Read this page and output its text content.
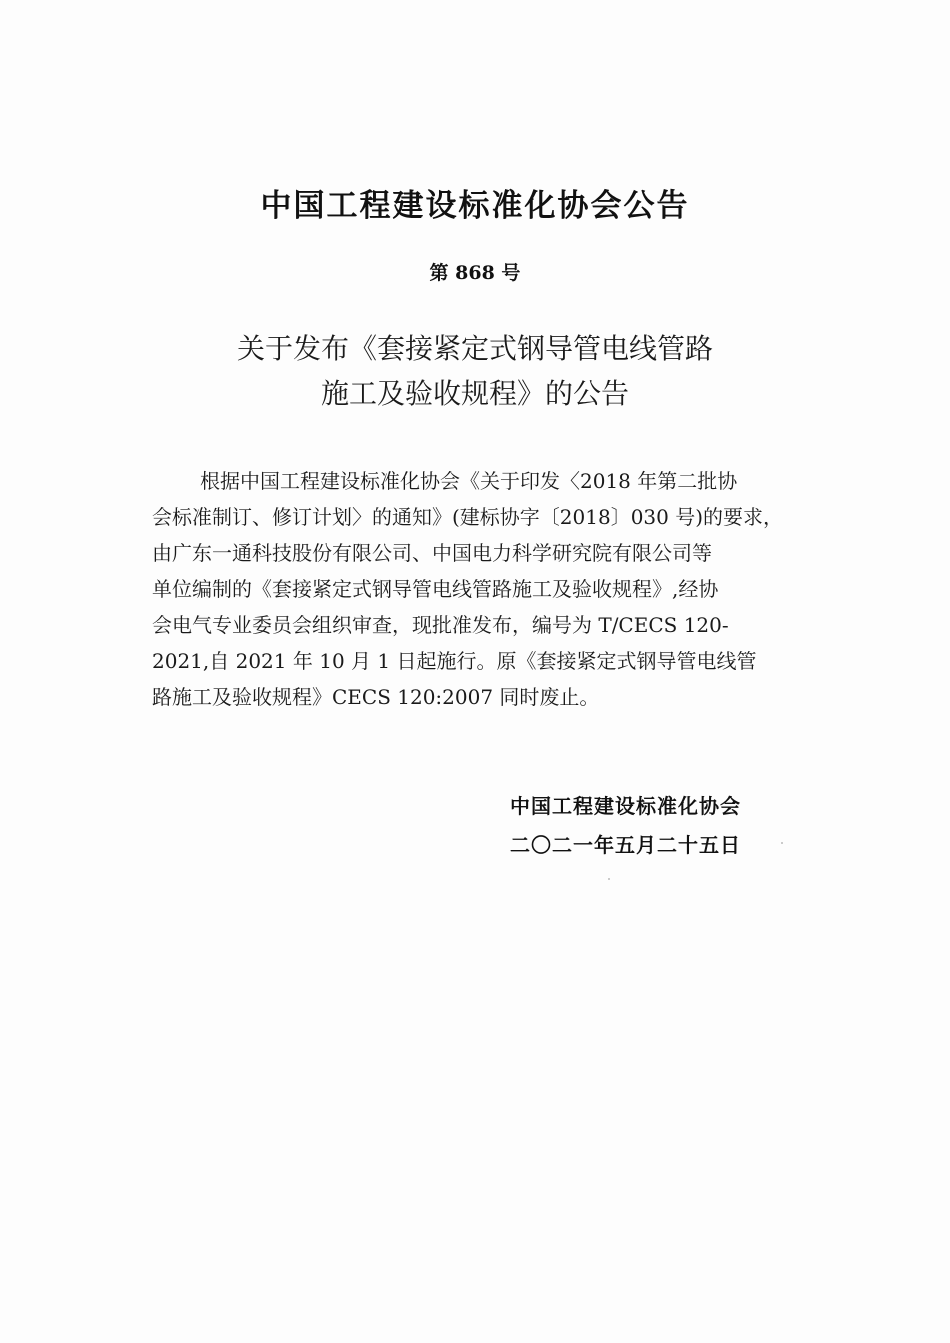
中国工程建设标准化协会公告
第 868 号
关于发布《套接紧定式钢导管电线管路
施工及验收规程》的公告
根据中国工程建设标准化协会《关于印发〈2018 年第二批协
会标准制订、修订计划〉的通知》(建标协字〔2018〕030 号)的要求，
由广东一通科技股份有限公司、中国电力科学研究院有限公司等
单位编制的《套接紧定式钢导管电线管路施工及验收规程》,经协
会电气专业委员会组织审查，现批准发布，编号为 T/CECS 120-
2021,自 2021 年 10 月 1 日起施行。原《套接紧定式钢导管电线管
路施工及验收规程》CECS 120:2007 同时废止。
中国工程建设标准化协会
二〇二一年五月二十五日
